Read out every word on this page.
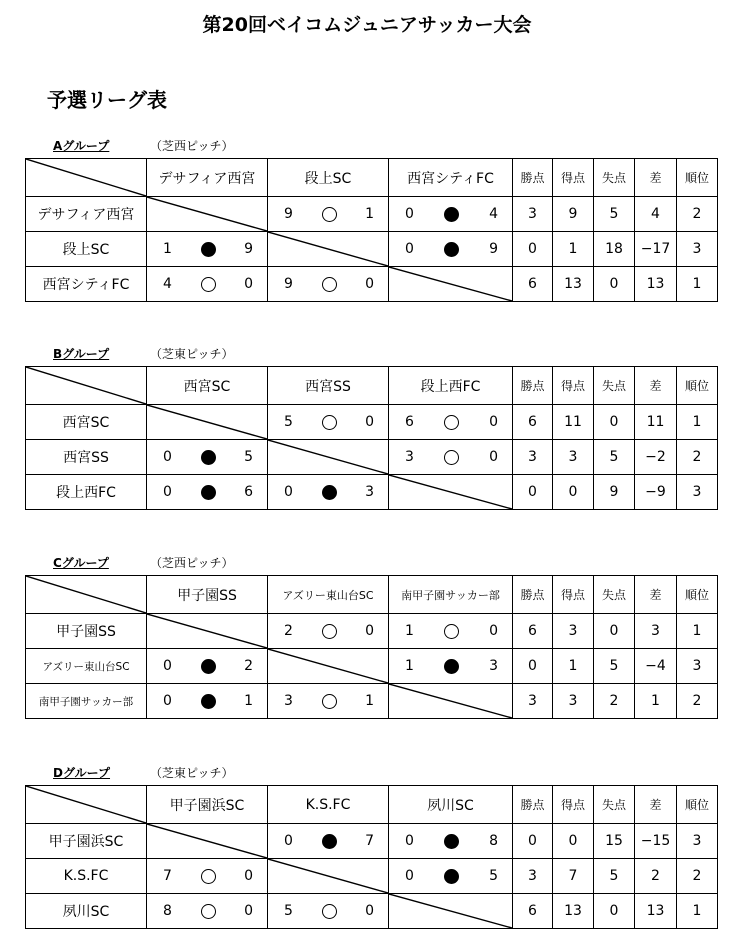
第20回ベイコムジュニアサッカー大会
予選リーグ表
Aグループ	（芝西ピッチ）
	デサフィア西宮	段上SC	西宮シティFC	勝点	得点	失点	差	順位
デサフィア西宮		9 1	0 4	3	9	5	4	2
段上SC	1 9		0 9	0	1	18	−17	3
西宮シティFC	4 0	9 0		6	13	0	13	1
Bグループ	（芝東ピッチ）
	西宮SC	西宮SS	段上西FC	勝点	得点	失点	差	順位
西宮SC		5 0	6 0	6	11	0	11	1
西宮SS	0 5		3 0	3	3	5	−2	2
段上西FC	0 6	0 3		0	0	9	−9	3
Cグループ	（芝西ピッチ）
	甲子園SS	アズリー東山台SC	南甲子園サッカー部	勝点	得点	失点	差	順位
甲子園SS		2 0	1 0	6	3	0	3	1
アズリー東山台SC	0 2		1 3	0	1	5	−4	3
南甲子園サッカー部	0 1	3 1		3	3	2	1	2
Dグループ	（芝東ピッチ）
	甲子園浜SC	K.S.FC	夙川SC	勝点	得点	失点	差	順位
甲子園浜SC		0 7	0 8	0	0	15	−15	3
K.S.FC	7 0		0 5	3	7	5	2	2
夙川SC	8 0	5 0		6	13	0	13	1
